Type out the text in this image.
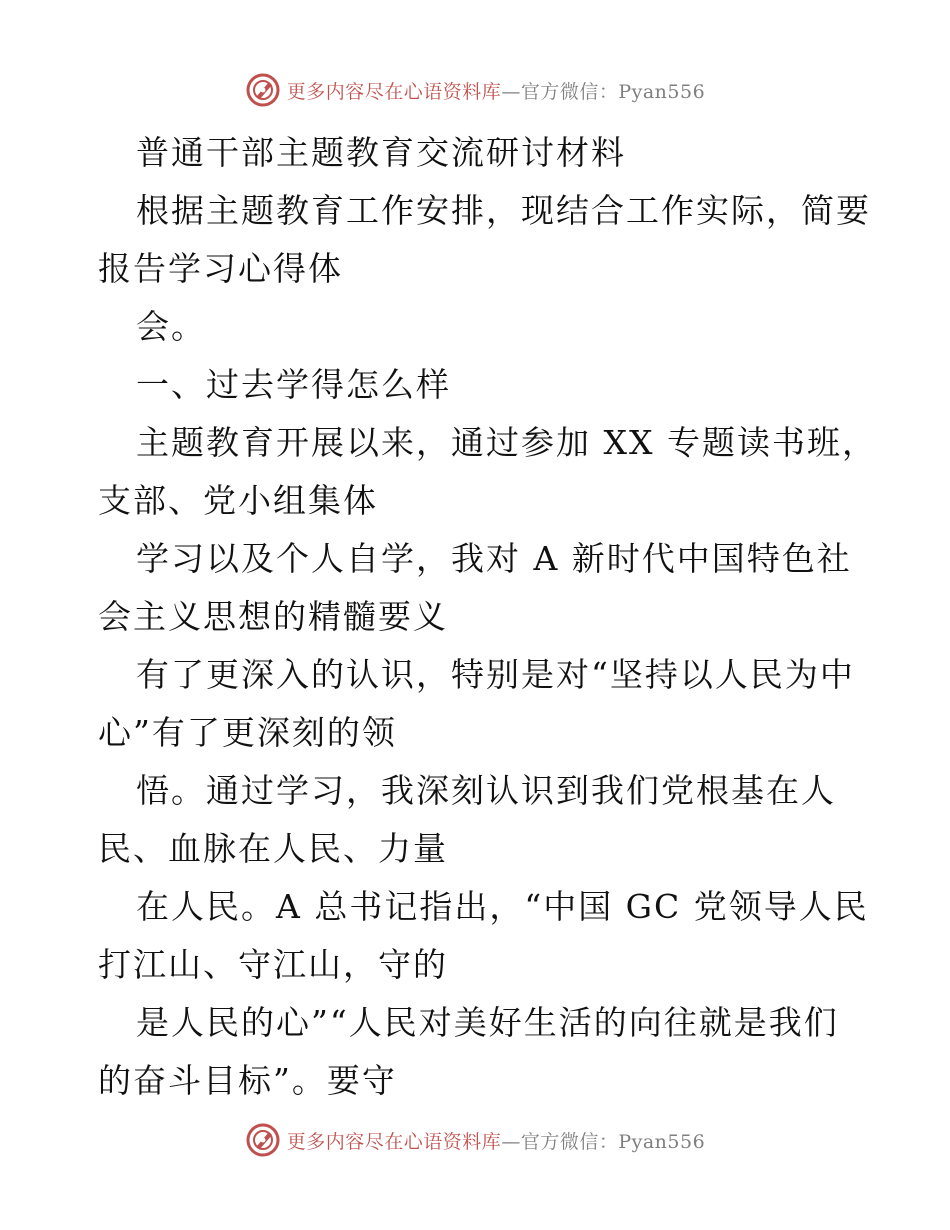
更多内容尽在心语资料库—官方微信：Pyan556

普通干部主题教育交流研讨材料

根据主题教育工作安排，现结合工作实际，简要

报告学习心得体

会。

一、过去学得怎么样

主题教育开展以来，通过参加 XX 专题读书班，

支部、党小组集体

学习以及个人自学，我对 A 新时代中国特色社

会主义思想的精髓要义

有了更深入的认识，特别是对“坚持以人民为中

心”有了更深刻的领

悟。通过学习，我深刻认识到我们党根基在人

民、血脉在人民、力量

在人民。A 总书记指出，“中国 GC 党领导人民

打江山、守江山，守的

是人民的心”“人民对美好生活的向往就是我们

的奋斗目标”。要守

更多内容尽在心语资料库—官方微信：Pyan556
